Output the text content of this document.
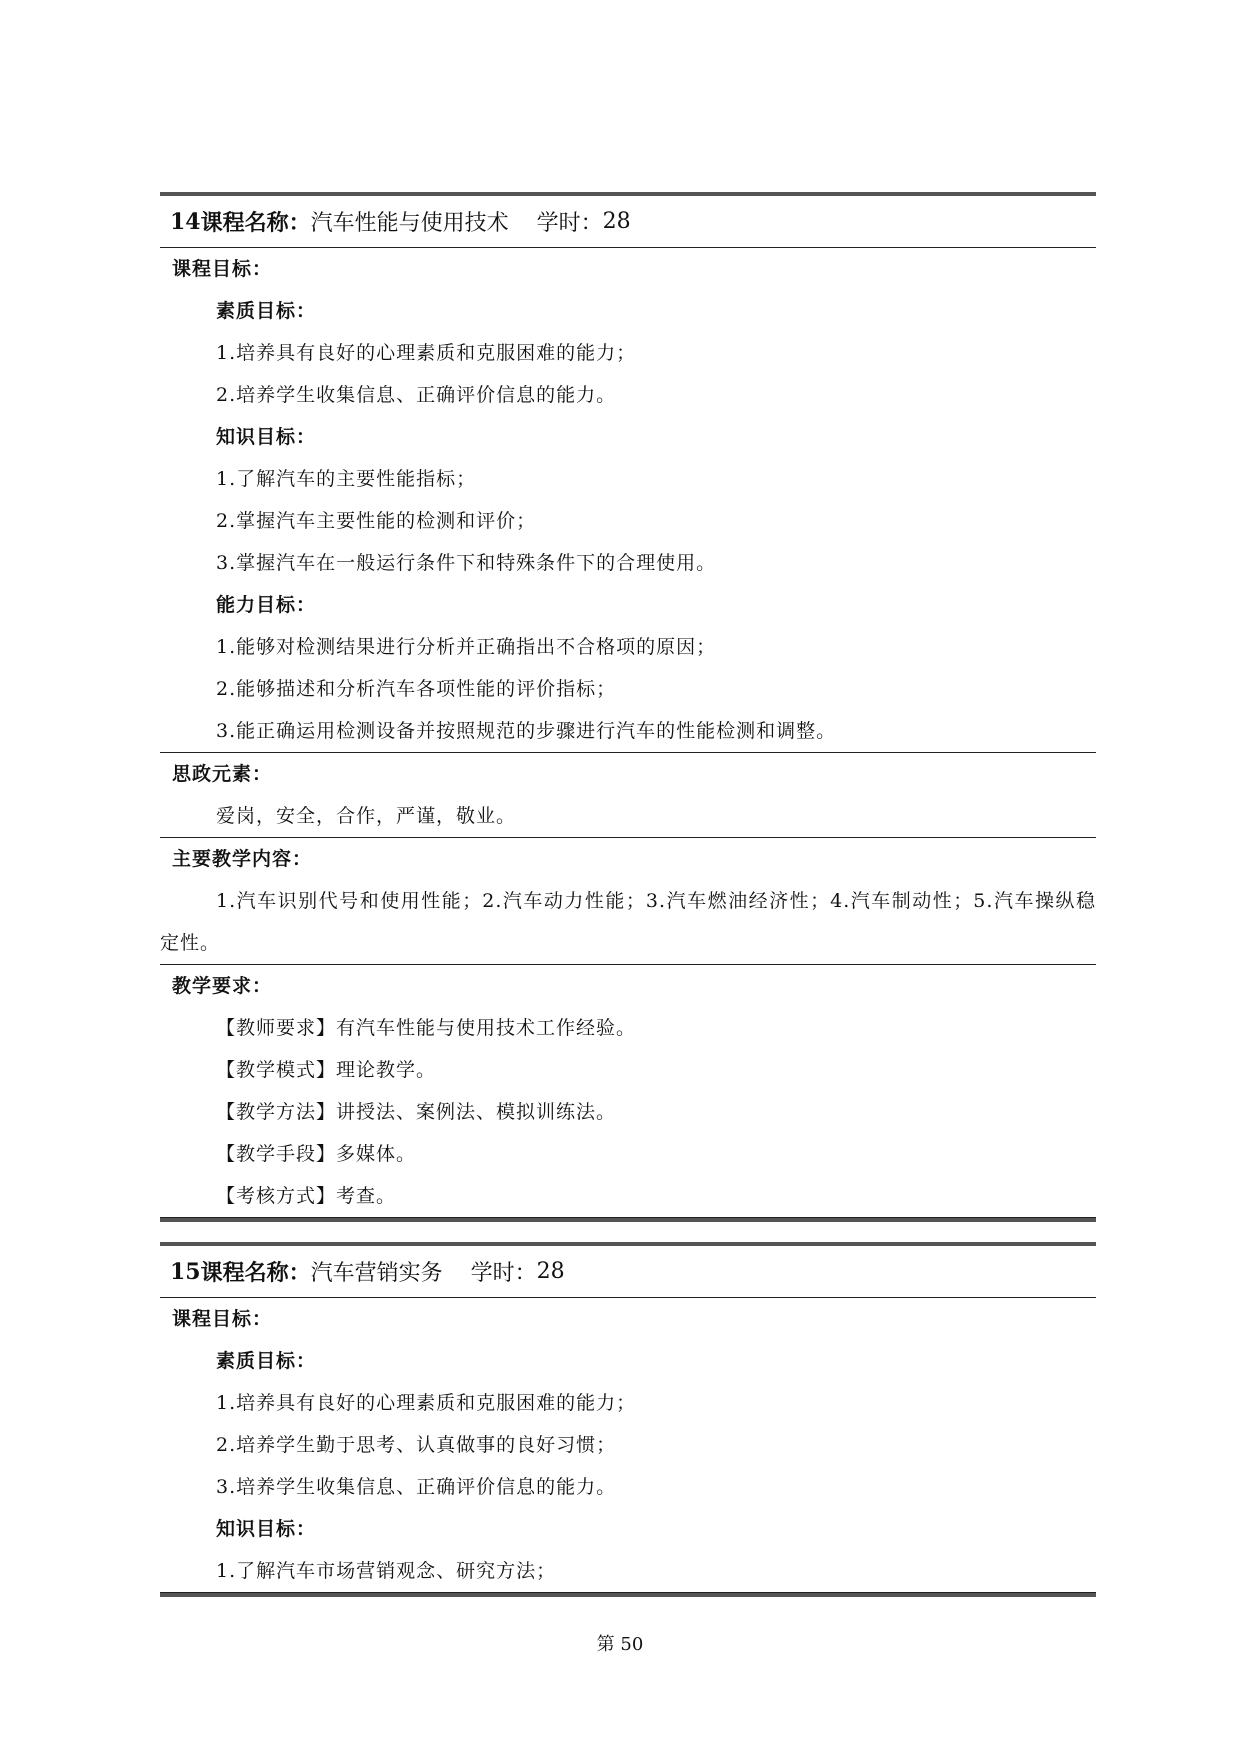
14 课程名称： 汽车性能与使用技术 学时： 28
课程目标：
素质目标：
1.培养具有良好的心理素质和克服困难的能力；
2.培养学生收集信息、正确评价信息的能力。
知识目标：
1.了解汽车的主要性能指标；
2.掌握汽车主要性能的检测和评价；
3.掌握汽车在一般运行条件下和特殊条件下的合理使用。
能力目标：
1.能够对检测结果进行分析并正确指出不合格项的原因；
2.能够描述和分析汽车各项性能的评价指标；
3.能正确运用检测设备并按照规范的步骤进行汽车的性能检测和调整。
思政元素：
爱岗，安全，合作，严谨，敬业。
主要教学内容：

1.汽车识别代号和使用性能；2.汽车动力性能；3.汽车燃油经济性；4.汽车制动性；5.汽车操纵稳定性。

教学要求：
【教师要求】有汽车性能与使用技术工作经验。
【教学模式】理论教学。
【教学方法】讲授法、案例法、模拟训练法。
【教学手段】多媒体。
【考核方式】考查。
15 课程名称： 汽车营销实务 学时： 28
课程目标：
素质目标：
1.培养具有良好的心理素质和克服困难的能力；
2.培养学生勤于思考、认真做事的良好习惯；
3.培养学生收集信息、正确评价信息的能力。
知识目标：
1.了解汽车市场营销观念、研究方法；
第 50
